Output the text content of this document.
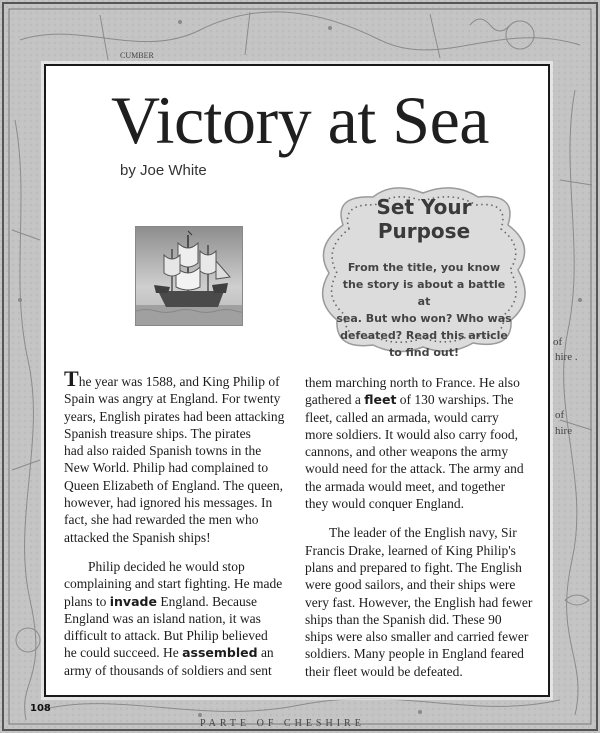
CUMBER
of
hire .
of
hire
PARTE OF CHESHIRE
Victory at Sea
by Joe White
Set Your
Purpose

From the title, you know
the story is about a battle at
sea. But who won? Who was
defeated? Read this article
to find out!

The year was 1588, and King Philip of
Spain was angry at England. For twenty
years, English pirates had been attacking
Spanish treasure ships. The pirates
had also raided Spanish towns in the
New World. Philip had complained to
Queen Elizabeth of England. The queen,
however, had ignored his messages. In
fact, she had rewarded the men who
attacked the Spanish ships!

Philip decided he would stop
complaining and start fighting. He made
plans to invade England. Because
England was an island nation, it was
difficult to attack. But Philip believed
he could succeed. He assembled an
army of thousands of soldiers and sent

them marching north to France. He also
gathered a fleet of 130 warships. The
fleet, called an armada, would carry
more soldiers. It would also carry food,
cannons, and other weapons the army
would need for the attack. The army and
the armada would meet, and together
they would conquer England.

The leader of the English navy, Sir
Francis Drake, learned of King Philip's
plans and prepared to fight. The English
were good sailors, and their ships were
very fast. However, the English had fewer
ships than the Spanish did. These 90
ships were also smaller and carried fewer
soldiers. Many people in England feared
their fleet would be defeated.

108
